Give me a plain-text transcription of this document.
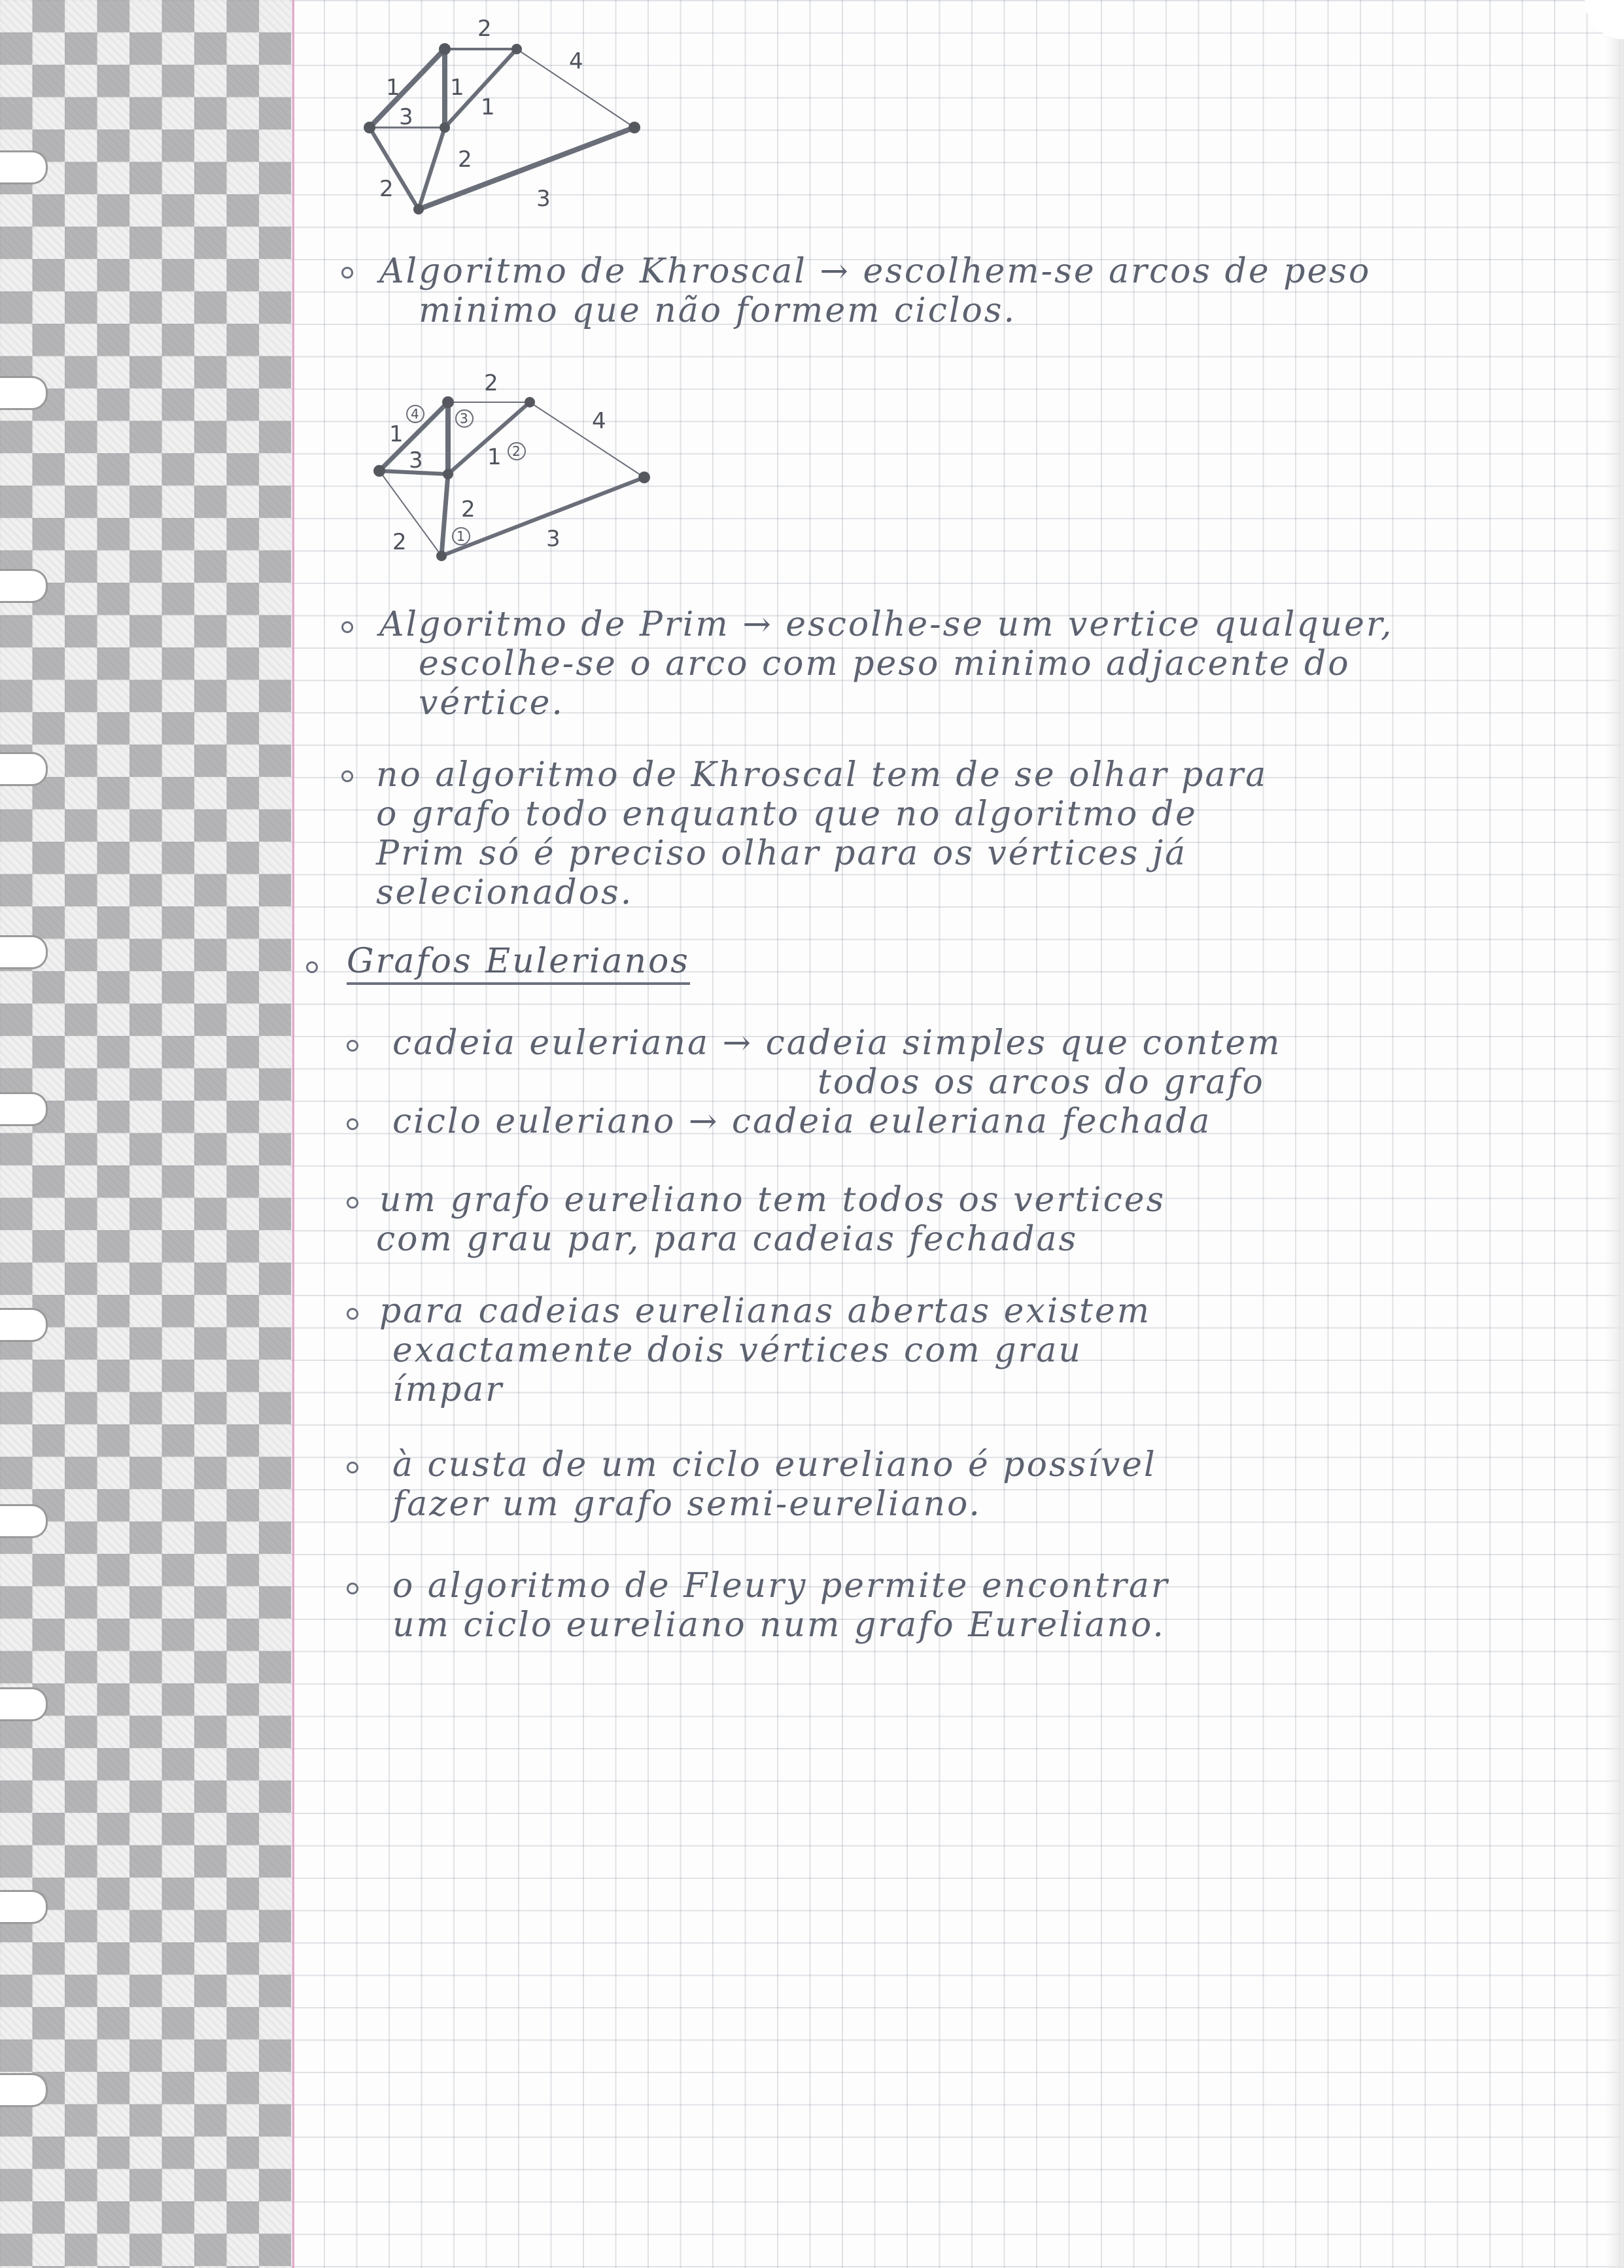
2
4
1 1
1
3
2
2	3
Algoritmo de Khroscal → escolhem-se arcos de peso
minimo que não formem ciclos.
2
4
1
1
3
2
2	3
4	3
2
1
Algoritmo de Prim → escolhe-se um vertice qualquer,
escolhe-se o arco com peso minimo adjacente do
vértice.
no algoritmo de Khroscal tem de se olhar para
o grafo todo enquanto que no algoritmo de
Prim só é preciso olhar para os vértices já
selecionados.
Grafos Eulerianos
cadeia euleriana → cadeia simples que contem
todos os arcos do grafo
ciclo euleriano → cadeia euleriana fechada
um grafo eureliano tem todos os vertices
com grau par, para cadeias fechadas
para cadeias eurelianas abertas existem
exactamente dois vértices com grau
ímpar
à custa de um ciclo eureliano é possível
fazer um grafo semi-eureliano.
o algoritmo de Fleury permite encontrar
um ciclo eureliano num grafo Eureliano.
